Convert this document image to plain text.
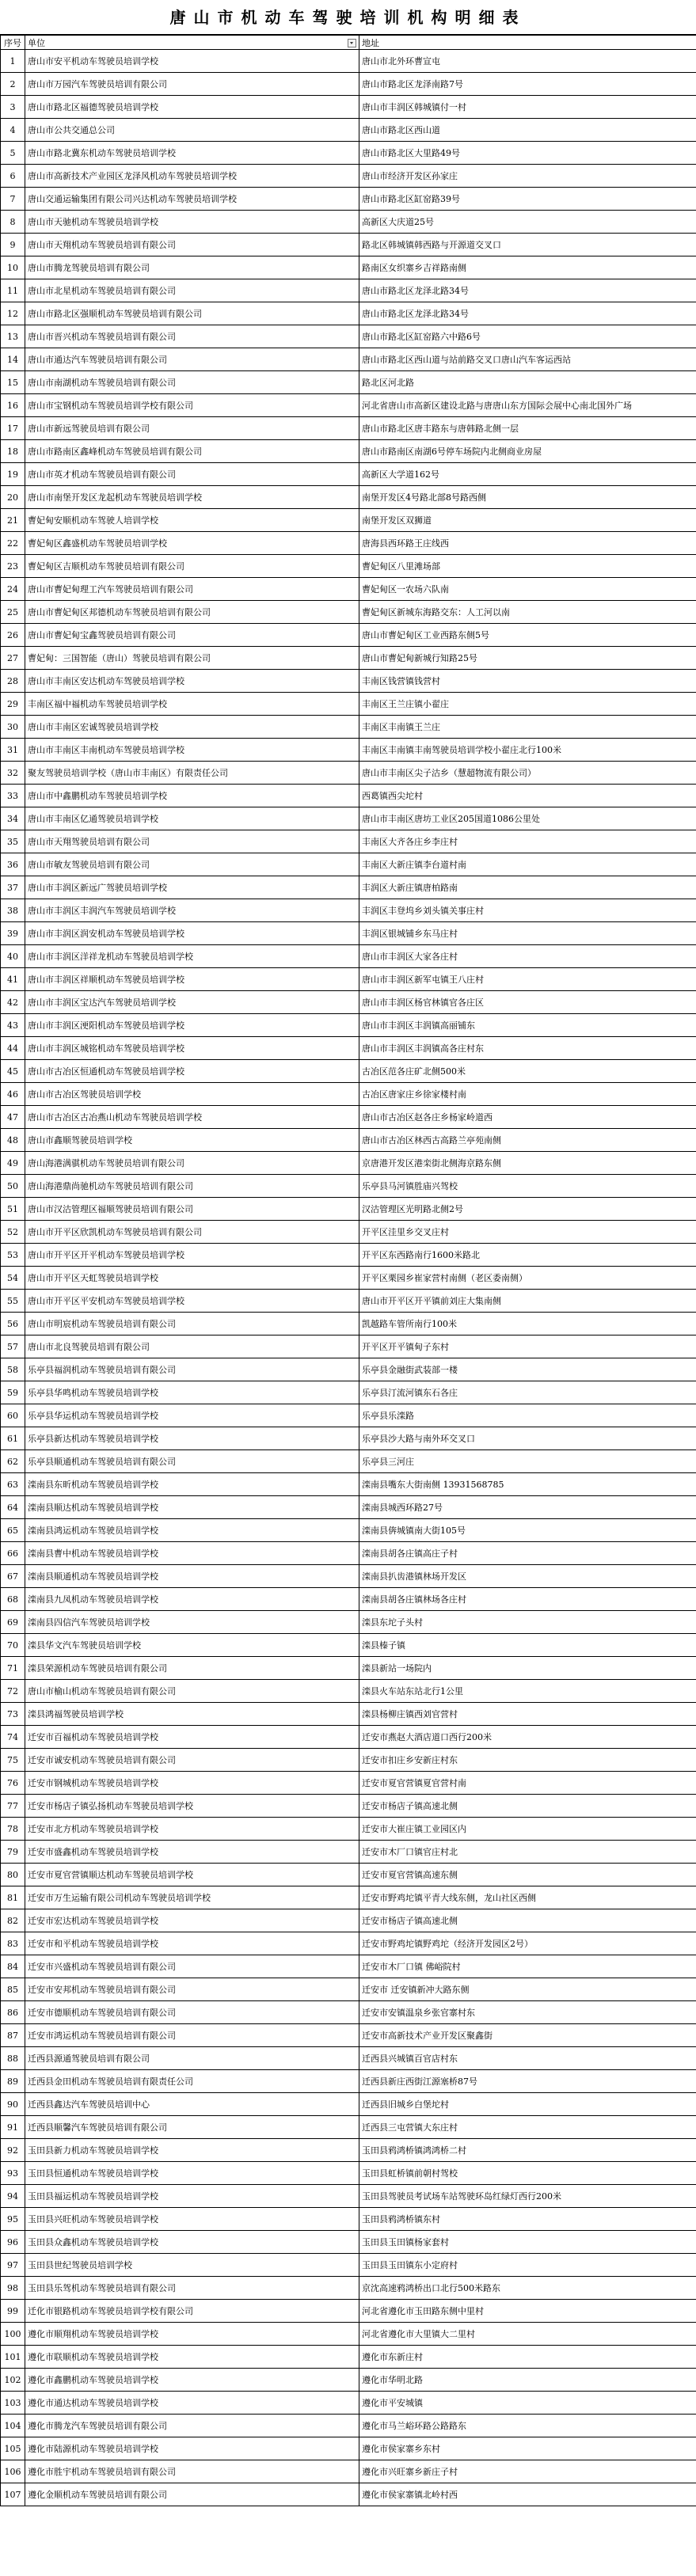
唐山市机动车驾驶培训机构明细表
序号	单位	地址
1	唐山市安平机动车驾驶员培训学校	唐山市北外环曹宣屯
2	唐山市万园汽车驾驶员培训有限公司	唐山市路北区龙泽南路7号
3	唐山市路北区福德驾驶员培训学校	唐山市丰润区韩城镇付一村
4	唐山市公共交通总公司	唐山市路北区西山道
5	唐山市路北冀东机动车驾驶员培训学校	唐山市路北区大里路49号
6	唐山市高新技术产业园区龙泽风机动车驾驶员培训学校	唐山市经济开发区孙家庄
7	唐山交通运输集团有限公司兴达机动车驾驶员培训学校	唐山市路北区缸窑路39号
8	唐山市天驰机动车驾驶员培训学校	高新区大庆道25号
9	唐山市天翔机动车驾驶员培训有限公司	路北区韩城镇韩西路与开源道交叉口
10	唐山市腾龙驾驶员培训有限公司	路南区女织寨乡吉祥路南侧
11	唐山市北星机动车驾驶员培训有限公司	唐山市路北区龙泽北路34号
12	唐山市路北区强顺机动车驾驶员培训有限公司	唐山市路北区龙泽北路34号
13	唐山市晋兴机动车驾驶员培训有限公司	唐山市路北区缸窑路六中路6号
14	唐山市通达汽车驾驶员培训有限公司	唐山市路北区西山道与站前路交叉口唐山汽车客运西站
15	唐山市南湖机动车驾驶员培训有限公司	路北区河北路
16	唐山市宝钢机动车驾驶员培训学校有限公司	河北省唐山市高新区建设北路与唐唐山东方国际会展中心南北国外广场
17	唐山市新远驾驶员培训有限公司	唐山市路北区唐丰路东与唐韩路北侧一层
18	唐山市路南区鑫峰机动车驾驶员培训有限公司	唐山市路南区南湖6号停车场院内北侧商业房屋
19	唐山市英才机动车驾驶员培训有限公司	高新区大学道162号
20	唐山市南堡开发区龙起机动车驾驶员培训学校	南堡开发区4号路北部8号路西侧
21	曹妃甸安顺机动车驾驶人培训学校	南堡开发区双狮道
22	曹妃甸区鑫盛机动车驾驶员培训学校	唐海县西环路王庄线西
23	曹妃甸区吉顺机动车驾驶员培训有限公司	曹妃甸区八里滩场部
24	唐山市曹妃甸理工汽车驾驶员培训有限公司	曹妃甸区一农场六队南
25	唐山市曹妃甸区邦德机动车驾驶员培训有限公司	曹妃甸区新城东海路交东：人工河以南
26	唐山市曹妃甸宝鑫驾驶员培训有限公司	唐山市曹妃甸区工业西路东侧5号
27	曹妃甸：三国智能（唐山）驾驶员培训有限公司	唐山市曹妃甸新城行知路25号
28	唐山市丰南区安达机动车驾驶员培训学校	丰南区钱营镇钱营村
29	丰南区福中福机动车驾驶员培训学校	丰南区王兰庄镇小翟庄
30	唐山市丰南区宏诚驾驶员培训学校	丰南区丰南镇王兰庄
31	唐山市丰南区丰南机动车驾驶员培训学校	丰南区丰南镇丰南驾驶员培训学校小翟庄北行100米
32	聚友驾驶员培训学校（唐山市丰南区）有限责任公司	唐山市丰南区尖子沽乡（慧超物流有限公司）
33	唐山市中鑫鹏机动车驾驶员培训学校	西葛镇西尖坨村
34	唐山市丰南区亿通驾驶员培训学校	唐山市丰南区唐坊工业区205国道1086公里处
35	唐山市天翔驾驶员培训有限公司	丰南区大齐各庄乡李庄村
36	唐山市敏友驾驶员培训有限公司	丰南区大新庄镇李台道村南
37	唐山市丰润区新远广驾驶员培训学校	丰润区大新庄镇唐柏路南
38	唐山市丰润区丰润汽车驾驶员培训学校	丰润区丰登坞乡刘头镇关事庄村
39	唐山市丰润区润安机动车驾驶员培训学校	丰润区银城铺乡东马庄村
40	唐山市丰润区洋祥龙机动车驾驶员培训学校	唐山市丰润区大家各庄村
41	唐山市丰润区祥顺机动车驾驶员培训学校	唐山市丰润区新军屯镇王八庄村
42	唐山市丰润区宝达汽车驾驶员培训学校	唐山市丰润区杨官林镇官各庄区
43	唐山市丰润区浭阳机动车驾驶员培训学校	唐山市丰润区丰润镇高丽铺东
44	唐山市丰润区城铭机动车驾驶员培训学校	唐山市丰润区丰润镇高各庄村东
45	唐山市古冶区恒通机动车驾驶员培训学校	古冶区范各庄矿北侧500米
46	唐山市古冶区驾驶员培训学校	古冶区唐家庄乡徐家楼村南
47	唐山市古冶区古冶燕山机动车驾驶员培训学校	唐山市古冶区赵各庄乡杨家岭道西
48	唐山市鑫顺驾驶员培训学校	唐山市古冶区林西古高路兰亭苑南侧
49	唐山海港满骐机动车驾驶员培训有限公司	京唐港开发区港栾街北侧海京路东侧
50	唐山海港鼎尚驰机动车驾驶员培训有限公司	乐亭县马河镇胜庙兴驾校
51	唐山市汉沽管理区福顺驾驶员培训有限公司	汉沽管理区光明路北侧2号
52	唐山市开平区欣凯机动车驾驶员培训有限公司	开平区洼里乡交叉庄村
53	唐山市开平区开平机动车驾驶员培训学校	开平区东西路南行1600米路北
54	唐山市开平区天虹驾驶员培训学校	开平区栗园乡崔家营村南侧（老区委南侧）
55	唐山市开平区平安机动车驾驶员培训学校	唐山市开平区开平镇前刘庄大集南侧
56	唐山市明宸机动车驾驶员培训有限公司	凯越路车管所南行100米
57	唐山市北良驾驶员培训有限公司	开平区开平镇甸子东村
58	乐亭县福润机动车驾驶员培训有限公司	乐亭县金融街武装部一楼
59	乐亭县华鸣机动车驾驶员培训学校	乐亭县汀流河镇东石各庄
60	乐亭县华运机动车驾驶员培训学校	乐亭县乐滦路
61	乐亭县新达机动车驾驶员培训学校	乐亭县沙大路与南外环交叉口
62	乐亭县顺通机动车驾驶员培训有限公司	乐亭县三河庄
63	滦南县东昕机动车驾驶员培训学校	滦南县嘴东大街南侧 13931568785
64	滦南县顺达机动车驾驶员培训学校	滦南县城西环路27号
65	滦南县鸿运机动车驾驶员培训学校	滦南县倴城镇南大街105号
66	滦南县曹中机动车驾驶员培训学校	滦南县胡各庄镇高庄子村
67	滦南县顺通机动车驾驶员培训学校	滦南县扒齿港镇林场开发区
68	滦南县九凤机动车驾驶员培训学校	滦南县胡各庄镇林场各庄村
69	滦南县四信汽车驾驶员培训学校	滦县东坨子头村
70	滦县华文汽车驾驶员培训学校	滦县榛子镇
71	滦县荣源机动车驾驶员培训有限公司	滦县新站一场院内
72	唐山市榆山机动车驾驶员培训有限公司	滦县火车站东站北行1公里
73	滦县鸿福驾驶员培训学校	滦县杨柳庄镇西刘官营村
74	迁安市百福机动车驾驶员培训学校	迁安市燕赵大酒店道口西行200米
75	迁安市诚安机动车驾驶员培训有限公司	迁安市扣庄乡安新庄村东
76	迁安市钢城机动车驾驶员培训学校	迁安市夏官营镇夏官营村南
77	迁安市杨店子镇弘扬机动车驾驶员培训学校	迁安市杨店子镇高速北侧
78	迁安市北方机动车驾驶员培训学校	迁安市大崔庄镇工业园区内
79	迁安市盛鑫机动车驾驶员培训学校	迁安市木厂口镇官庄村北
80	迁安市夏官营镇顺达机动车驾驶员培训学校	迁安市夏官营镇高速东侧
81	迁安市万生运输有限公司机动车驾驶员培训学校	迁安市野鸡坨镇平青大线东侧，龙山社区西侧
82	迁安市宏达机动车驾驶员培训学校	迁安市杨店子镇高速北侧
83	迁安市和平机动车驾驶员培训学校	迁安市野鸡坨镇野鸡坨（经济开发园区2号）
84	迁安市兴盛机动车驾驶员培训有限公司	迁安市木厂口镇 佛峪院村
85	迁安市安邦机动车驾驶员培训有限公司	迁安市 迁安镇新冲大路东侧
86	迁安市德顺机动车驾驶员培训有限公司	迁安市安镇温泉乡张官寨村东
87	迁安市鸿运机动车驾驶员培训有限公司	迁安市高新技术产业开发区聚鑫街
88	迁西县源通驾驶员培训有限公司	迁西县兴城镇百官店村东
89	迁西县金田机动车驾驶员培训有限责任公司	迁西县新庄西街江源塞桥87号
90	迁西县鑫达汽车驾驶员培训中心	迁西县旧城乡白堡坨村
91	迁西县顺馨汽车驾驶员培训有限公司	迁西县三屯营镇大东庄村
92	玉田县新力机动车驾驶员培训学校	玉田县鸦鸿桥镇鸿鸿桥二村
93	玉田县恒通机动车驾驶员培训学校	玉田县虹桥镇前朝村驾校
94	玉田县福运机动车驾驶员培训学校	玉田县驾驶员考试场车站驾驶环岛红绿灯西行200米
95	玉田县兴旺机动车驾驶员培训学校	玉田县鸦鸿桥镇东村
96	玉田县众鑫机动车驾驶员培训学校	玉田县玉田镇杨家套村
97	玉田县世纪驾驶员培训学校	玉田县玉田镇东小定府村
98	玉田县乐驾机动车驾驶员培训有限公司	京沈高速鸦鸿桥出口北行500米路东
99	迁化市银路机动车驾驶员培训学校有限公司	河北省遵化市玉田路东侧中里村
100	遵化市顺翔机动车驾驶员培训学校	河北省遵化市大里镇大二里村
101	遵化市联顺机动车驾驶员培训学校	遵化市东新庄村
102	遵化市鑫鹏机动车驾驶员培训学校	遵化市华明北路
103	遵化市通达机动车驾驶员培训学校	遵化市平安城镇
104	遵化市腾龙汽车驾驶员培训有限公司	遵化市马兰峪环路公路路东
105	遵化市陆源机动车驾驶员培训学校	遵化市侯家寨乡东村
106	遵化市胜宇机动车驾驶员培训有限公司	遵化市兴旺寨乡新庄子村
107	遵化金顺机动车驾驶员培训有限公司	遵化市侯家寨镇北岭村西
